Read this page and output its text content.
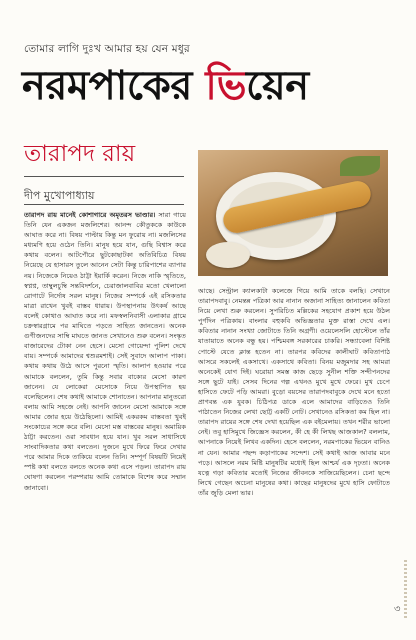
তোমার লাগি দুঃখ আমার হয় যেন মধুর
নরমপাকের ভিয়েন
তারাপদ রায়
দীপ মুখোপাধ্যায়

তারাপদ রায় মানেই কোশাগারে অমৃতরস ভাণ্ডার। সারা গায়ে তিনি যেন একজন মজলিশের। আনন্দ কৌতুককে কাউকে আঘাত করে না। বিষয় পাল্টায় কিন্তু মন ফুরোয় না। মজলিসের মধ্যমণি হয়ে ওঠেন তিনি। মানুষ হয়ে যান, গুছি বিশ্বাস করে কথায় বলেন। আটপৌরে ছুটকোছাটকা অতিবিচিত্র বিষয় নিয়েছে যে হাসারস তুলে আনেন সেটা কিন্তু চারিপাশের ব্যাপার নয়। নিজেকে নিয়েও ঠাট্টা ইয়ার্কি করেন। নিজে নাকি স্মৃতিতে, স্বপ্নপ্ন, তাম্বুলচুম্বি সন্তবিদর্শনে, চেরাজালবাবির মতো খেলালো রোগাটে নির্দোষ সরল মানুষ। নিজের সম্পর্কে এই রসিকতার মাত্রা রাখেন খুবই বাস্তব ধারায়। উপস্থাপনায় উৎকর্ষ আছে বলেই কোথাও আঘাত করে না। মফস্বলনিবাসী এলাকার গ্রামে চক্রস্বারগ্রামে পর মাঘিতে পড়তে সাহিত্য জানতেন। অনেক গুণীজনদের সাম্বি মাঘতে জানত সেখানেও শুরু বলেন। সংস্কৃত বাজারেদের টোকা নেন হেসে। মেসো গোয়েন্দা পুলিশ দেখে বায়। সম্পর্কে আমাদের শ্বশুরমশাই। সেই সুবাদে আলাপ পাকা। কথায় কথায় উঠে আসে পুরনো স্মৃতি। আলাপ হওয়ার পরে আমাকে বললেন, তুমি কিন্তু সবার বাক্যের মেসো কারণ জানেন। যে লোকেরা মেসোকে নিয়ে উপস্থাপিত হয় বলেছিলেন। শেষ কথাই আমাকে শোনাতেন। আপনার মানুতরো বলায় আমি সহজে নেই। আপনি জানেন মেসো আমাকে সঙ্গে আমার জোর হয়ে উঠেছিলো। আমিই একরকম বাস্তবতা খুবই সংকোচের সঙ্গে করে বলি। মেসো মস্ত বাস্তবের মানুষ। অমায়িক ঠাট্টা করতেন। ওরা সাবধান হয়ে যান। খুব সরল সাধাসিধে সাংবাদিকতার কথা বলতেন। দুজনে মুখে ফিরে ফিরে দেখার পরে আমার দিকে তাকিয়ে বলেন তিনি। সম্পূর্ণ বিষয়টি নিয়েই স্পষ্ট কথা বলতে বলতে অনেক কথা এসে পড়ল। তারাপদ রায় ঘোষণা করলেন পরম্পরায় আমি তোমাকে বিশেষ করে সম্মান জানাবো।

আছে। সেন্ট্রাল ক্যালকাটা কলেজে গিয়ে আমি তাকে বলছি। সেখানে তারাপদবাবু। নেমন্তন্ন পত্রিকা আর নানান অজানা সাহিত্য জানালেন কবিতা নিয়ে লেখা শুরু করলেন। সুপরিচিত মল্লিকের সহযোগ প্রকাশ হয়ে উঠল পুর্ণদিন পত্রিকায়। বাংলার বহুকবি অভিজ্ঞতার মুক্ত রাস্তা দেখে এল। কবিতার নানান সংখ্যা জোটাতে তিনি অগ্রণী। ওয়েলেসলি হোস্টেলে তাঁর যাতায়াতে অনেক বন্ধু হয়। পশ্চিমবঙ্গ সরকারের চাকরি। সন্ধ্যাবেলা বিশিষ্ট পোস্টে যেতে ক্লান্ত হতেন না। তারপর কবিদের কালীঘাট কবিতাপাঠ আসরে সকলেই একসাথে। একসাথে কবিতা। বিনয় মজুমদার সহ আমরা অনেকেই যোগ দিই। ঘরোয়া সমস্ত কাজ ছেড়ে সুনীল শক্তি সন্দীপনদের সঙ্গে ছুটে যাই। সেসব দিনের গল্প এখনও মুখে মুখে ফেরে। মুখ চেপে হাসিতে ফেটে পড়ি আমরা। বুড়ো বয়সের তারাপদবাবুকে দেখে মনে হতো প্রাণবন্ত এক যুবক। চিঠিপত্র ডাকে এলে আমাদের বাড়িতেও তিনি পাঠাতেন নিজের লেখা ছোট্ট একটি নোট। সেখানেও রসিকতা কম ছিল না। তারাপদ রায়ের সঙ্গে শেষ দেখা হয়েছিল এক বইমেলায়। তখন শরীর ভালো নেই। তবু হাসিমুখে জিজ্ঞেস করলেন, কী হে কী লিখছ আজকাল? বললাম, আপনাকে নিয়েই লিখব একদিন। হেসে বললেন, নরমপাকের ভিয়েন বানিও না যেন। আমার পছন্দ কড়াপাকের সন্দেশ। সেই কথাই আজ আবার মনে পড়ে। আসলে নরম মিষ্টি মানুষটির মধ্যেই ছিল আশ্চর্য এক দৃঢ়তা। অনেক যত্নে গড়া কবিতার মতোই নিজের জীবনকে সাজিয়েছিলেন। চেনা ছন্দে লিখে গেছেন অচেনা মানুষের কথা। কাছের মানুষদের মুখে হাসি ফোটাতে তাঁর জুড়ি মেলা ভার।

৩
